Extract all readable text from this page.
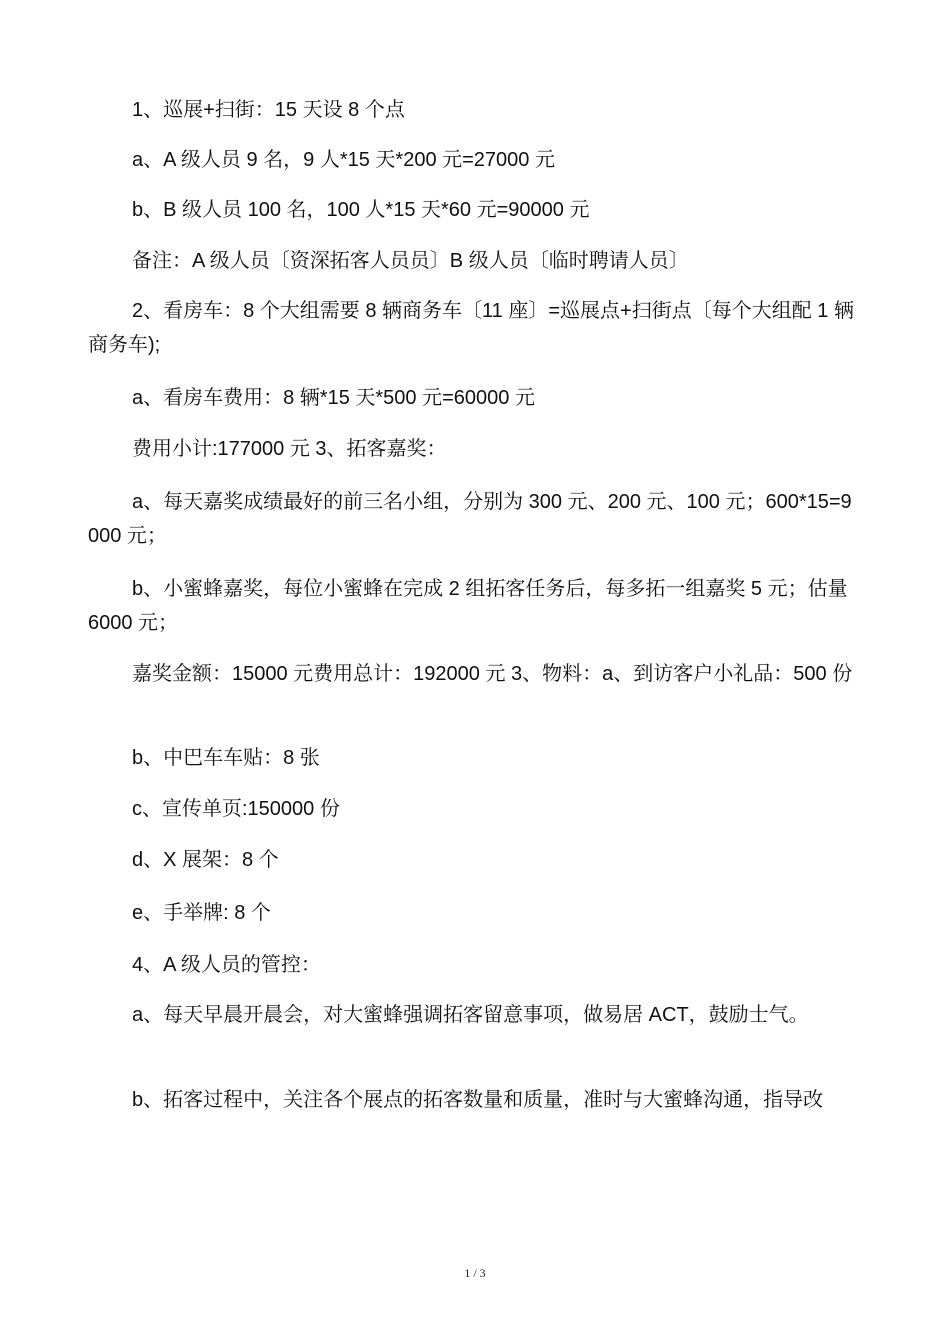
1、巡展+扫街：15 天设 8 个点
a、A 级人员 9 名，9 人*15 天*200 元=27000 元
b、B 级人员 100 名，100 人*15 天*60 元=90000 元
备注：A 级人员〔资深拓客人员员〕B 级人员〔临时聘请人员〕
2、看房车：8 个大组需要 8 辆商务车〔11 座〕=巡展点+扫街点〔每个大组配 1 辆商务车);
a、看房车费用：8 辆*15 天*500 元=60000 元
费用小计:177000 元 3、拓客嘉奖：
a、每天嘉奖成绩最好的前三名小组，分别为 300 元、200 元、100 元；600*15=9000 元；
b、小蜜蜂嘉奖，每位小蜜蜂在完成 2 组拓客任务后，每多拓一组嘉奖 5 元；估量 6000 元；
嘉奖金额：15000 元费用总计：192000 元 3、物料：a、到访客户小礼品：500 份
b、中巴车车贴：8 张
c、宣传单页:150000 份
d、X 展架：8 个
e、手举牌: 8 个
4、A 级人员的管控：
a、每天早晨开晨会，对大蜜蜂强调拓客留意事项，做易居 ACT，鼓励士气。
b、拓客过程中，关注各个展点的拓客数量和质量，准时与大蜜蜂沟通，指导改
1 / 3
